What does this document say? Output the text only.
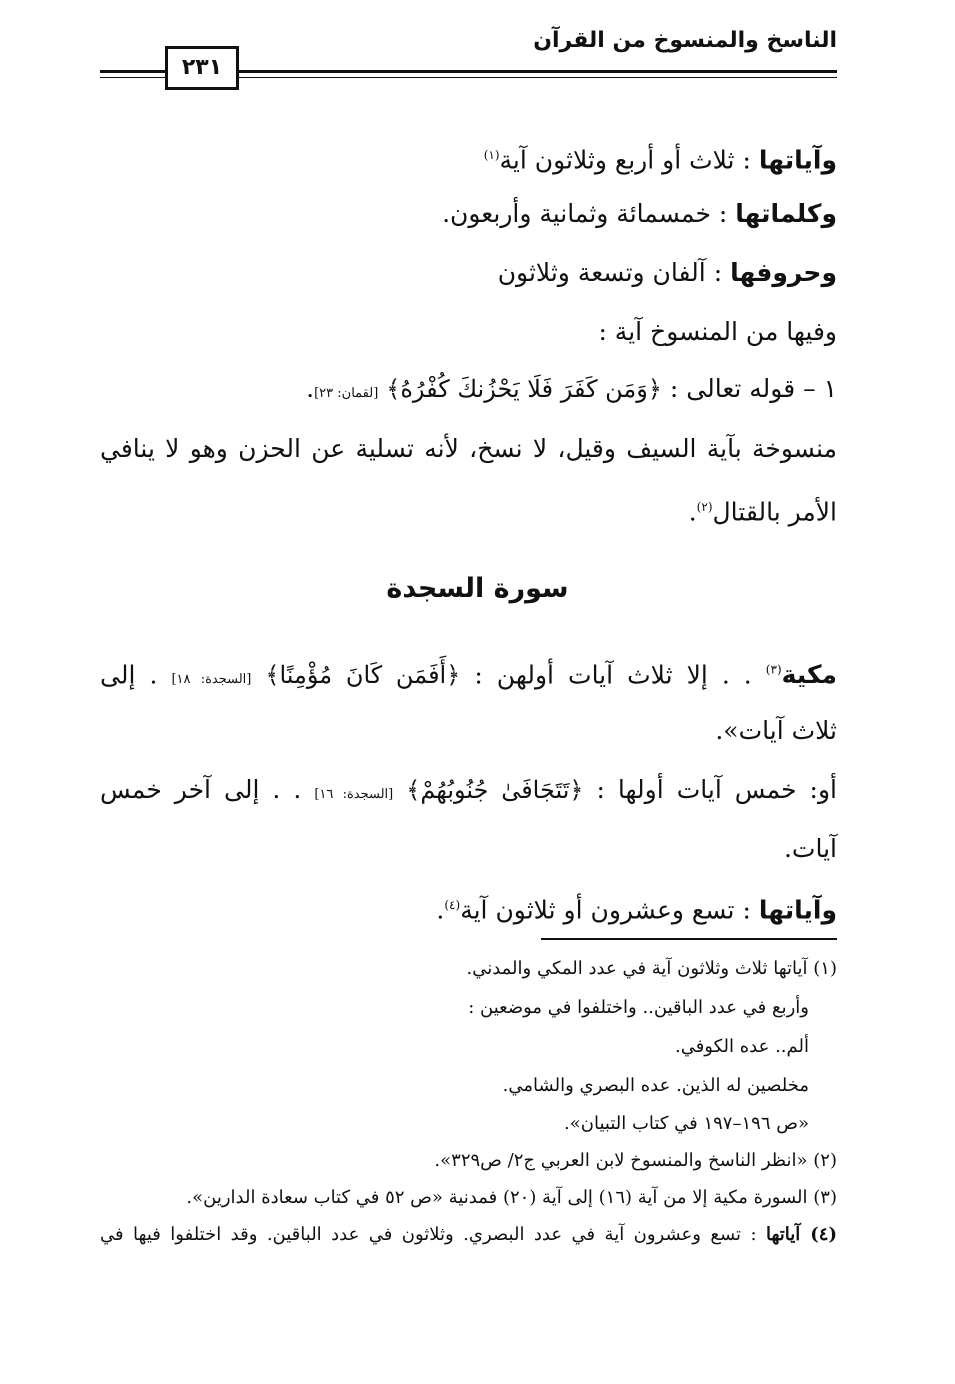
الناسخ والمنسوخ من القرآن
٢٣١
وآياتها : ثلاث أو أربع وثلاثون آية$^{(١)}$
وكلماتها : خمسمائة وثمانية وأربعون.
وحروفها : آلفان وتسعة وثلاثون
وفيها من المنسوخ آية :
١ – قوله تعالى : ﴿وَمَن كَفَرَ فَلَا يَحْزُنكَ كُفْرُهُ﴾ [لقمان: ٢٣].
منسوخة بآية السيف وقيل، لا نسخ، لأنه تسلية عن الحزن وهو لا ينافي
الأمر بالقتال$^{(٢)}$.
سورة السجدة
مكية$^{(٣)}$ . . إلا ثلاث آيات أولهن : ﴿أَفَمَن كَانَ مُؤْمِنًا﴾ [السجدة: ١٨] . إلى
ثلاث آيات».
أو: خمس آيات أولها : ﴿تَتَجَافَىٰ جُنُوبُهُمْ﴾ [السجدة: ١٦] . . إلى آخر خمس
آيات.
وآياتها : تسع وعشرون أو ثلاثون آية$^{(٤)}$.
(١) آياتها ثلاث وثلاثون آية في عدد المكي والمدني.
وأربع في عدد الباقين.. واختلفوا في موضعين :
ألم.. عده الكوفي.
مخلصين له الذين. عده البصري والشامي.
«ص ١٩٦–١٩٧ في كتاب التبيان».
(٢) «انظر الناسخ والمنسوخ لابن العربي ج٢/ ص٣٢٩».
(٣) السورة مكية إلا من آية (١٦) إلى آية (٢٠) فمدنية «ص ٥٢ في كتاب سعادة الدارين».
(٤) آياتها : تسع وعشرون آية في عدد البصري. وثلاثون في عدد الباقين. وقد اختلفوا فيها في
